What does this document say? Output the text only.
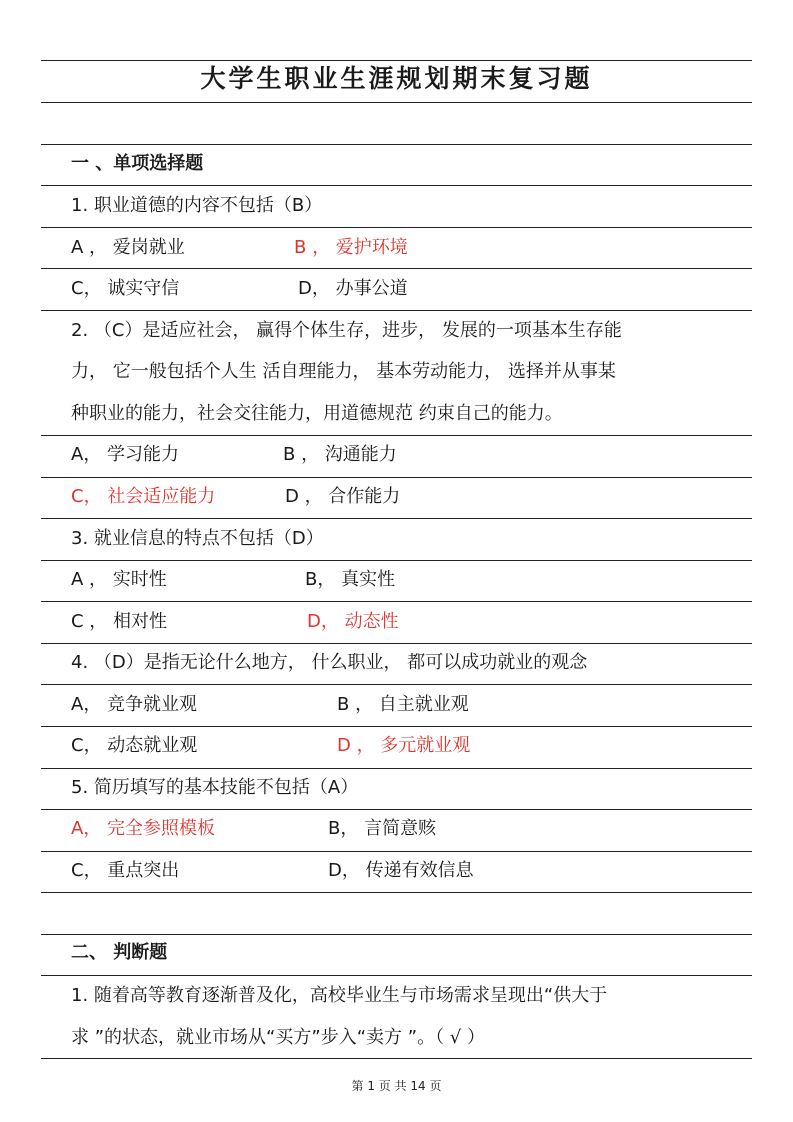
大学生职业生涯规划期末复习题
一 、单项选择题
1. 职业道德的内容不包括（B）
A ， 爱岗就业	B ， 爱护环境
C， 诚实守信	D， 办事公道
2. （C）是适应社会， 赢得个体生存，进步， 发展的一项基本生存能
力， 它一般包括个人生 活自理能力， 基本劳动能力， 选择并从事某
种职业的能力，社会交往能力，用道德规范 约束自己的能力。
A， 学习能力	B ， 沟通能力
C， 社会适应能力	D ， 合作能力
3. 就业信息的特点不包括（D）
A ， 实时性	B， 真实性
C ， 相对性	D， 动态性
4. （D）是指无论什么地方， 什么职业， 都可以成功就业的观念
A， 竞争就业观	B ， 自主就业观
C， 动态就业观	D ， 多元就业观
5. 简历填写的基本技能不包括（A）
A， 完全参照模板	B， 言简意赅
C， 重点突出	D， 传递有效信息
二、 判断题
1. 随着高等教育逐渐普及化，高校毕业生与市场需求呈现出“供大于
求 ”的状态，就业市场从“买方”步入“卖方 ”。（ √ ）
第 1 页 共 14 页
